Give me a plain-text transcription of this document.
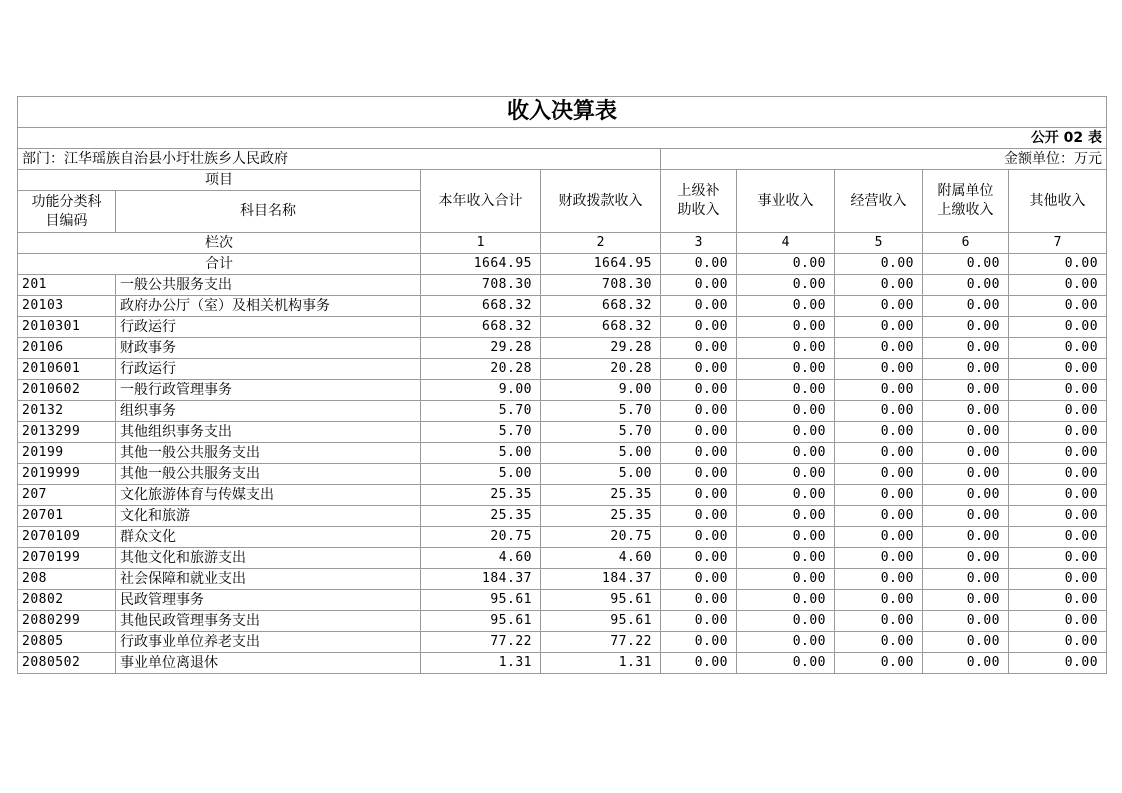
收入决算表								
公开 02 表								
部门：江华瑶族自治县小圩壮族乡人民政府				金额单位：万元				
项目		本年收入合计	财政拨款收入	上级补助收入	事业收入	经营收入	附属单位上缴收入	其他收入
功能分类科目编码	科目名称							
栏次		1	2	3	4	5	6	7
合计		1664.95	1664.95	0.00	0.00	0.00	0.00	0.00
201	一般公共服务支出	708.30	708.30	0.00	0.00	0.00	0.00	0.00
20103	政府办公厅（室）及相关机构事务	668.32	668.32	0.00	0.00	0.00	0.00	0.00
2010301	行政运行	668.32	668.32	0.00	0.00	0.00	0.00	0.00
20106	财政事务	29.28	29.28	0.00	0.00	0.00	0.00	0.00
2010601	行政运行	20.28	20.28	0.00	0.00	0.00	0.00	0.00
2010602	一般行政管理事务	9.00	9.00	0.00	0.00	0.00	0.00	0.00
20132	组织事务	5.70	5.70	0.00	0.00	0.00	0.00	0.00
2013299	其他组织事务支出	5.70	5.70	0.00	0.00	0.00	0.00	0.00
20199	其他一般公共服务支出	5.00	5.00	0.00	0.00	0.00	0.00	0.00
2019999	其他一般公共服务支出	5.00	5.00	0.00	0.00	0.00	0.00	0.00
207	文化旅游体育与传媒支出	25.35	25.35	0.00	0.00	0.00	0.00	0.00
20701	文化和旅游	25.35	25.35	0.00	0.00	0.00	0.00	0.00
2070109	群众文化	20.75	20.75	0.00	0.00	0.00	0.00	0.00
2070199	其他文化和旅游支出	4.60	4.60	0.00	0.00	0.00	0.00	0.00
208	社会保障和就业支出	184.37	184.37	0.00	0.00	0.00	0.00	0.00
20802	民政管理事务	95.61	95.61	0.00	0.00	0.00	0.00	0.00
2080299	其他民政管理事务支出	95.61	95.61	0.00	0.00	0.00	0.00	0.00
20805	行政事业单位养老支出	77.22	77.22	0.00	0.00	0.00	0.00	0.00
2080502	事业单位离退休	1.31	1.31	0.00	0.00	0.00	0.00	0.00
